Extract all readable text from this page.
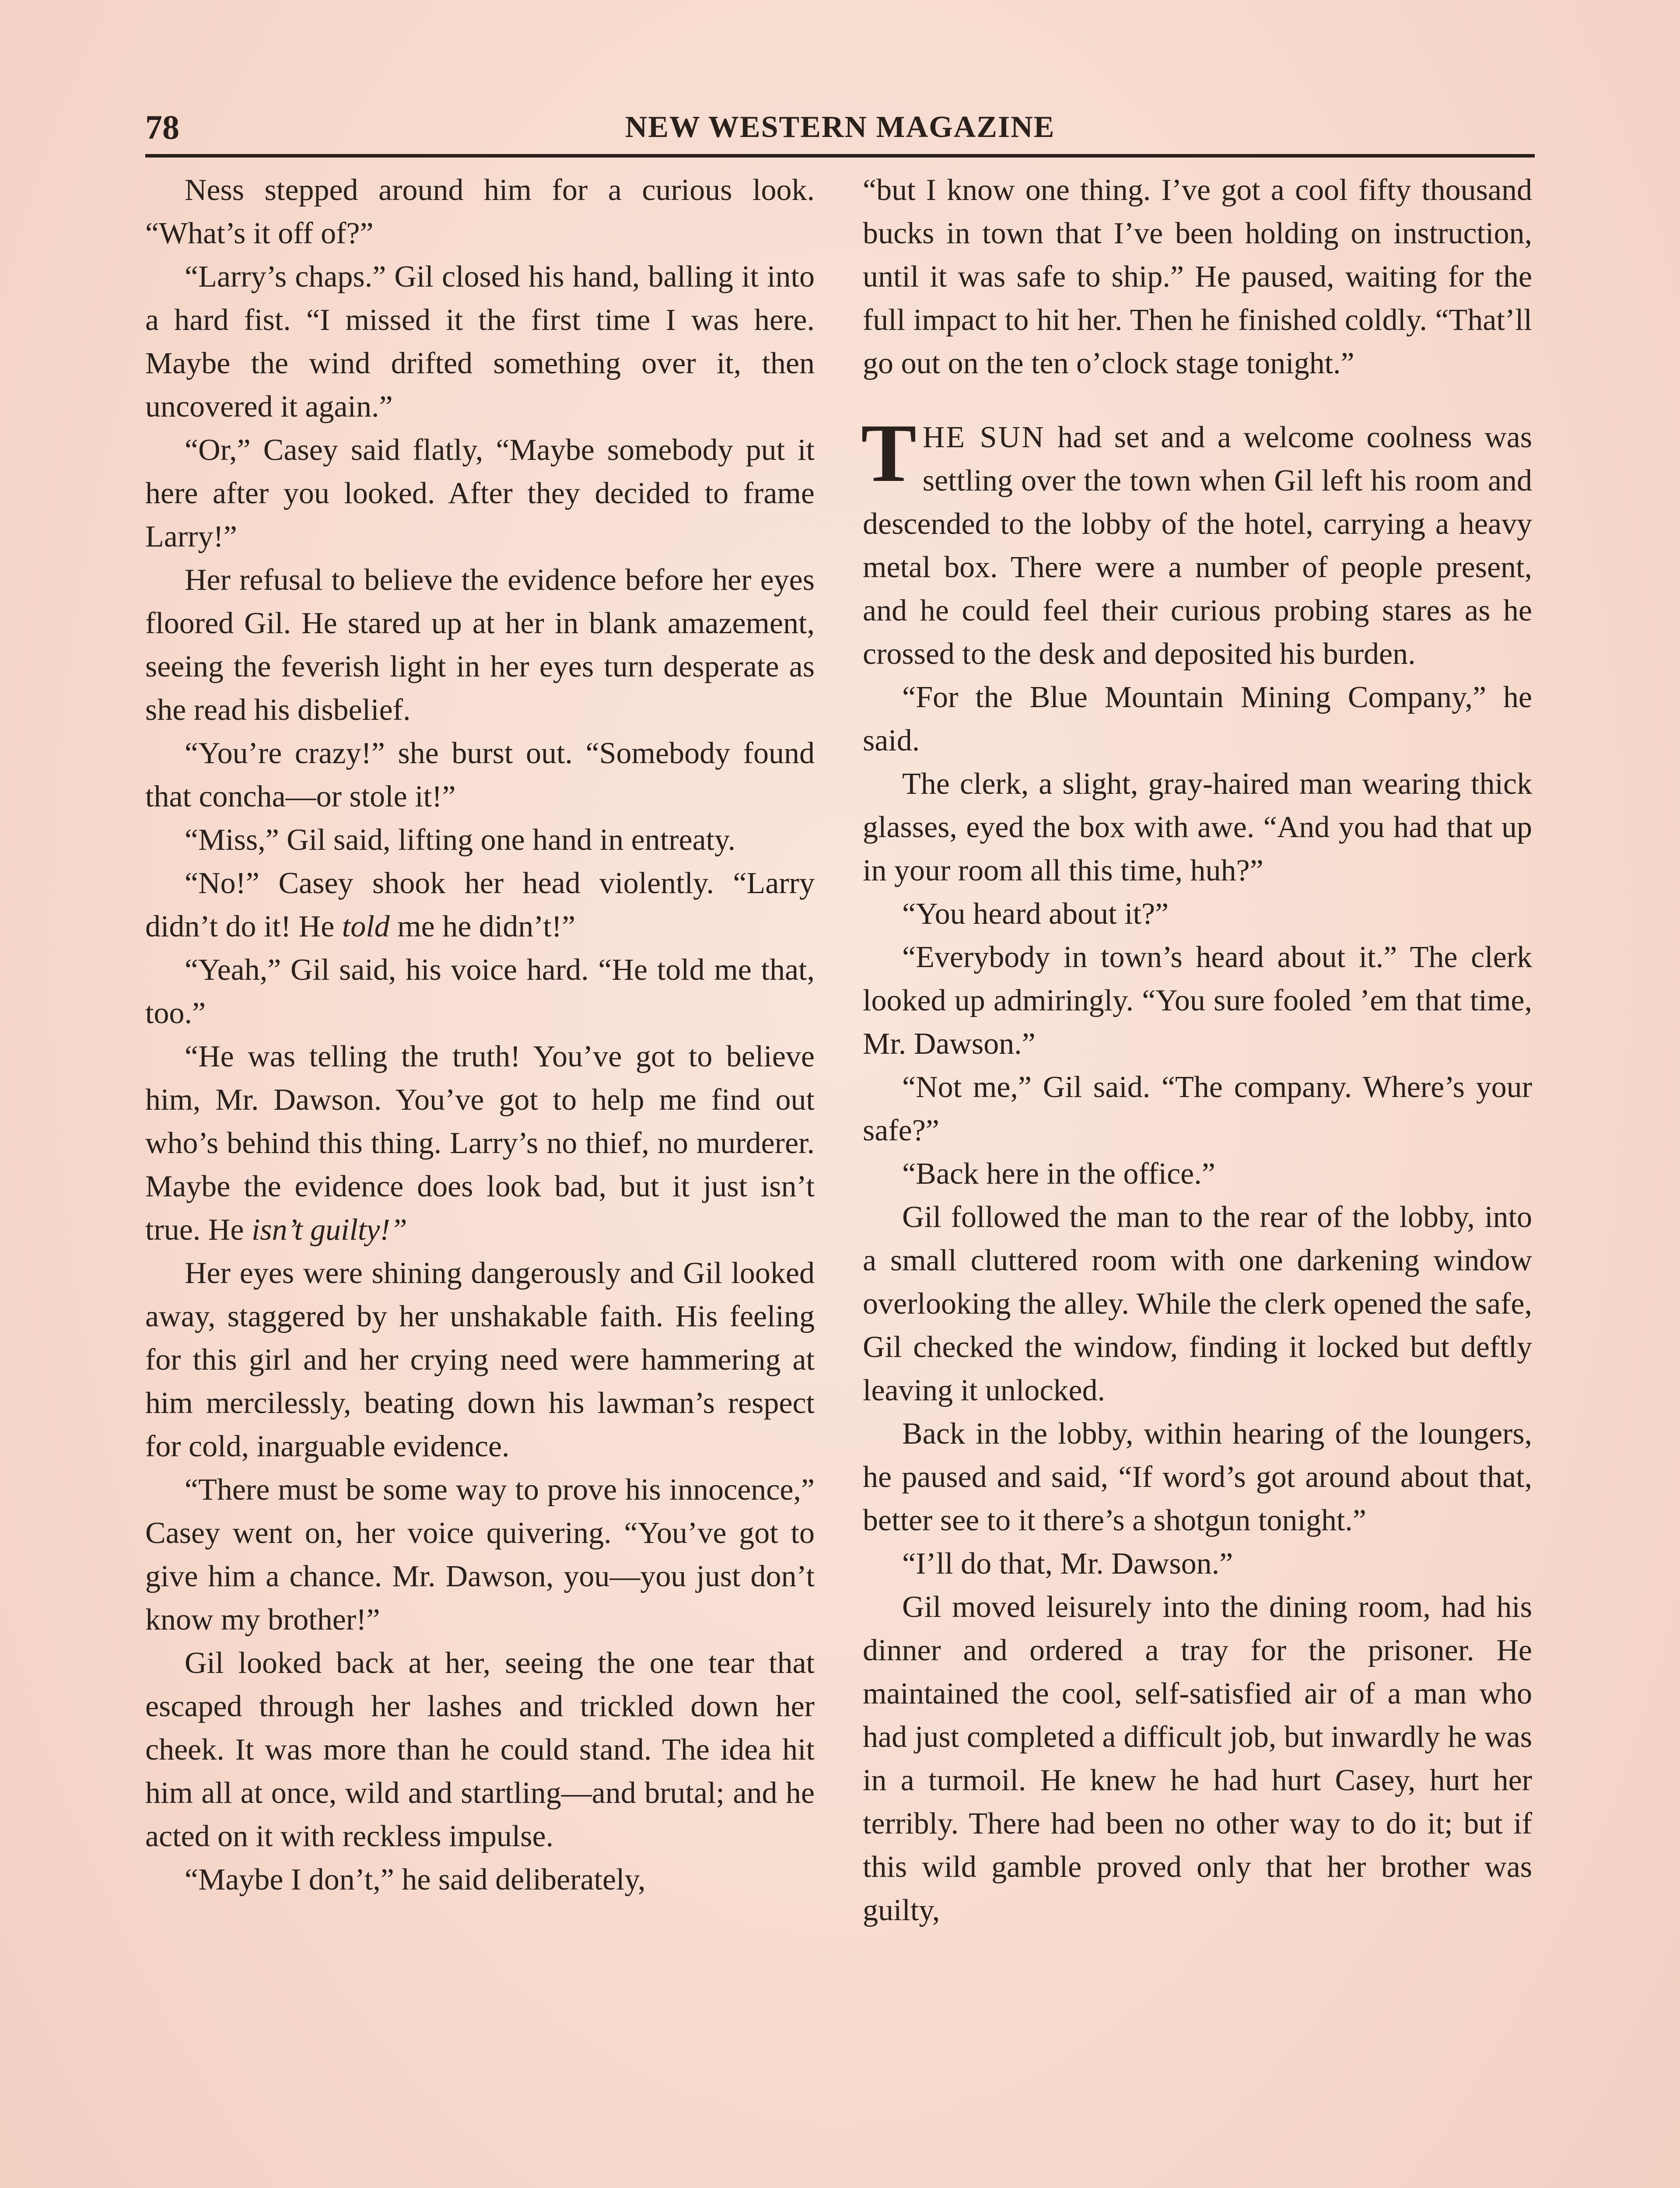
78	NEW WESTERN MAGAZINE

Ness stepped around him for a curious look. “What’s it off of?”

“Larry’s chaps.” Gil closed his hand, balling it into a hard fist. “I missed it the first time I was here. Maybe the wind drifted something over it, then uncovered it again.”

“Or,” Casey said flatly, “Maybe somebody put it here after you looked. After they decided to frame Larry!”

Her refusal to believe the evidence before her eyes floored Gil. He stared up at her in blank amazement, seeing the feverish light in her eyes turn desperate as she read his disbelief.

“You’re crazy!” she burst out. “Somebody found that concha—or stole it!”

“Miss,” Gil said, lifting one hand in entreaty.

“No!” Casey shook her head violently. “Larry didn’t do it! He told me he didn’t!”

“Yeah,” Gil said, his voice hard. “He told me that, too.”

“He was telling the truth! You’ve got to believe him, Mr. Dawson. You’ve got to help me find out who’s behind this thing. Larry’s no thief, no murderer. Maybe the evidence does look bad, but it just isn’t true. He isn’t guilty!”

Her eyes were shining dangerously and Gil looked away, staggered by her unshakable faith. His feeling for this girl and her crying need were hammering at him mercilessly, beating down his lawman’s respect for cold, inarguable evidence.

“There must be some way to prove his innocence,” Casey went on, her voice quivering. “You’ve got to give him a chance. Mr. Dawson, you—you just don’t know my brother!”

Gil looked back at her, seeing the one tear that escaped through her lashes and trickled down her cheek. It was more than he could stand. The idea hit him all at once, wild and startling—and brutal; and he acted on it with reckless impulse.

“Maybe I don’t,” he said deliberately,

“but I know one thing. I’ve got a cool fifty thousand bucks in town that I’ve been holding on instruction, until it was safe to ship.” He paused, waiting for the full impact to hit her. Then he finished coldly. “That’ll go out on the ten o’clock stage tonight.”

THE SUN had set and a welcome coolness was settling over the town when Gil left his room and descended to the lobby of the hotel, carrying a heavy metal box. There were a number of people present, and he could feel their curious probing stares as he crossed to the desk and deposited his burden.

“For the Blue Mountain Mining Company,” he said.

The clerk, a slight, gray-haired man wearing thick glasses, eyed the box with awe. “And you had that up in your room all this time, huh?”

“You heard about it?”

“Everybody in town’s heard about it.” The clerk looked up admiringly. “You sure fooled ’em that time, Mr. Dawson.”

“Not me,” Gil said. “The company. Where’s your safe?”

“Back here in the office.”

Gil followed the man to the rear of the lobby, into a small cluttered room with one darkening window overlooking the alley. While the clerk opened the safe, Gil checked the window, finding it locked but deftly leaving it unlocked.

Back in the lobby, within hearing of the loungers, he paused and said, “If word’s got around about that, better see to it there’s a shotgun tonight.”

“I’ll do that, Mr. Dawson.”

Gil moved leisurely into the dining room, had his dinner and ordered a tray for the prisoner. He maintained the cool, self-satisfied air of a man who had just completed a difficult job, but inwardly he was in a turmoil. He knew he had hurt Casey, hurt her terribly. There had been no other way to do it; but if this wild gamble proved only that her brother was guilty,
